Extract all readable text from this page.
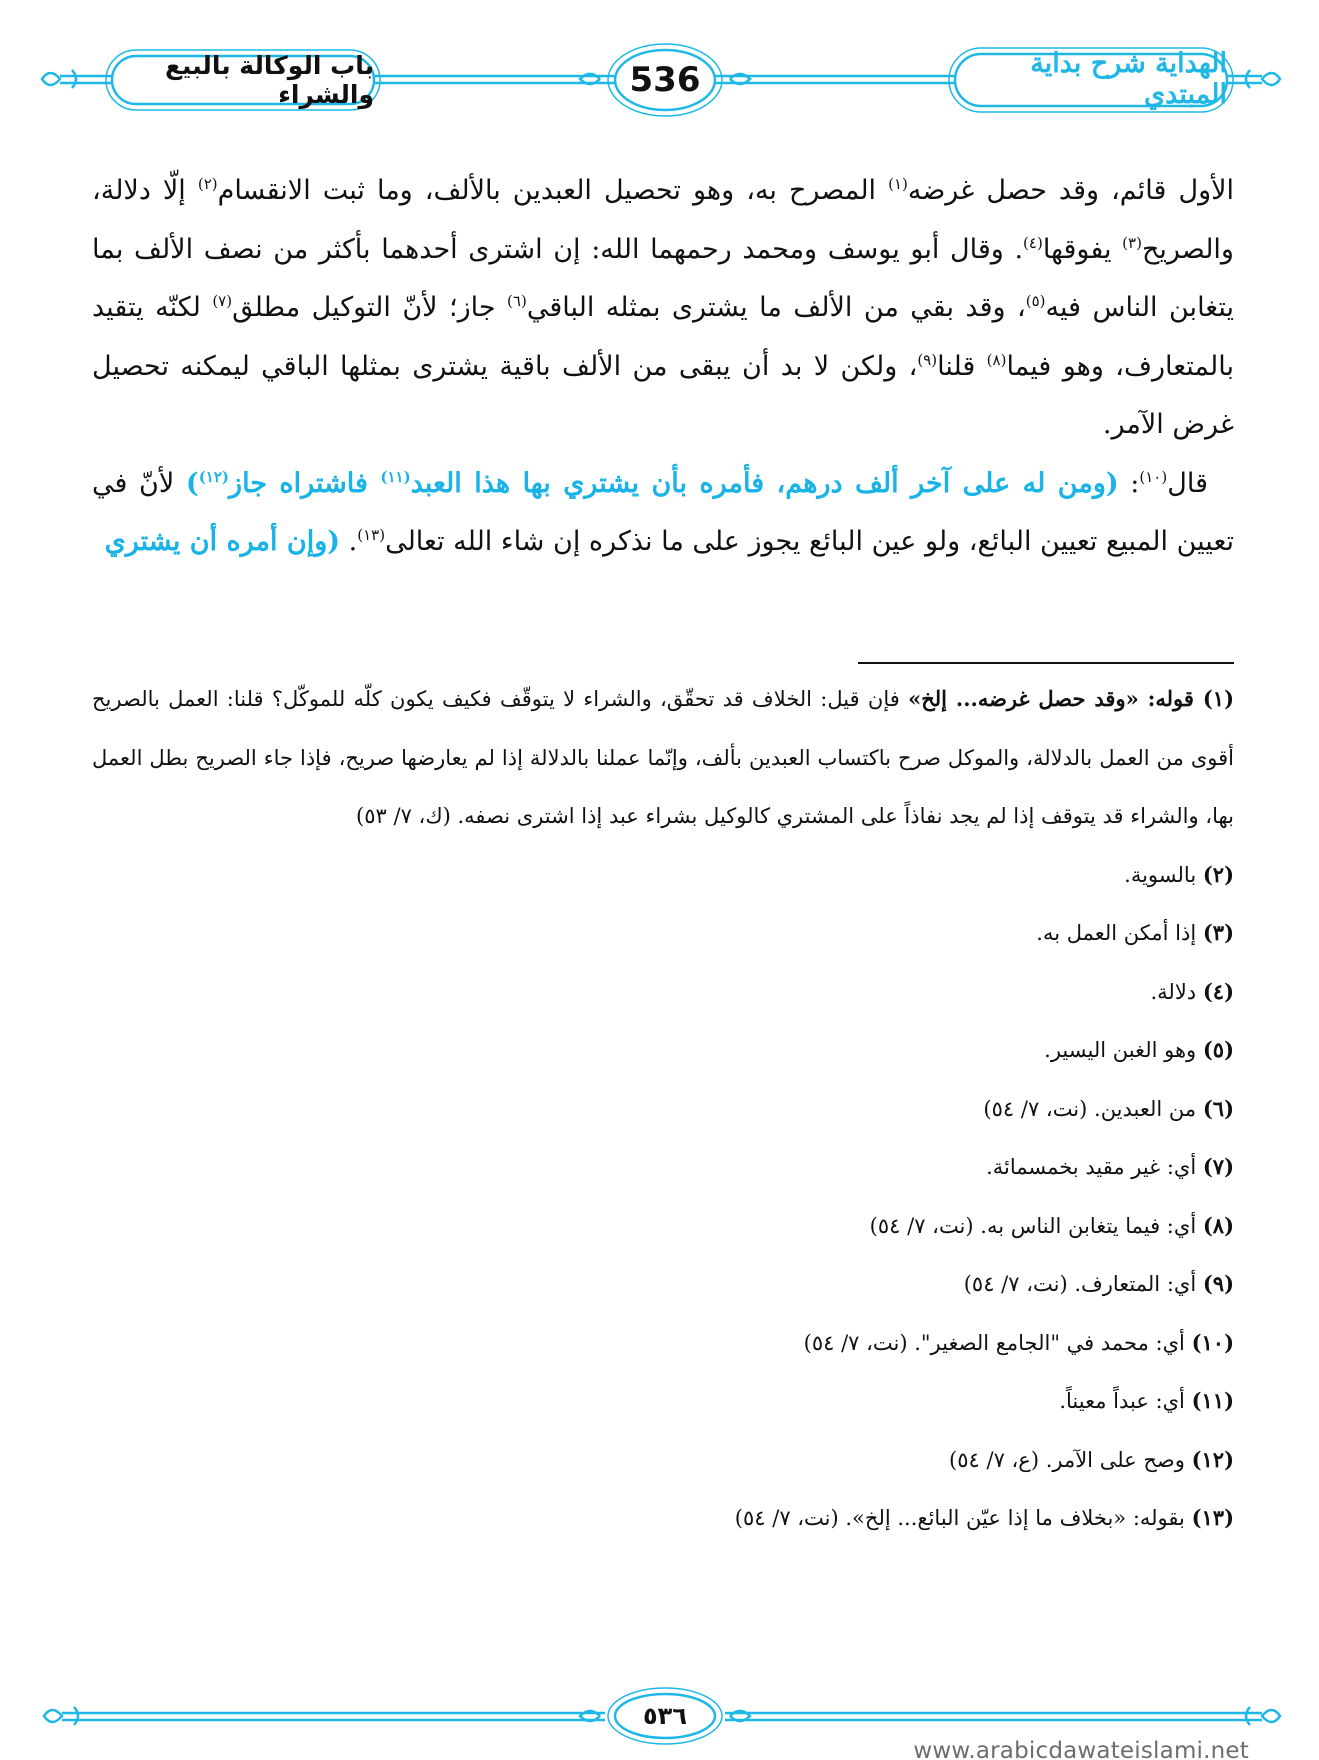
باب الوكالة بالبيع والشراء	536	الهداية شرح بداية المبتدي

الأول قائم، وقد حصل غرضه$^{(١)}$ المصرح به، وهو تحصيل العبدين بالألف، وما ثبت الانقسام$^{(٢)}$ إلّا دلالة، والصريح$^{(٣)}$ يفوقها$^{(٤)}$. وقال أبو يوسف ومحمد رحمهما الله: إن اشترى أحدهما بأكثر من نصف الألف بما يتغابن الناس فيه$^{(٥)}$، وقد بقي من الألف ما يشترى بمثله الباقي$^{(٦)}$ جاز؛ لأنّ التوكيل مطلق$^{(٧)}$ لكنّه يتقيد بالمتعارف، وهو فيما$^{(٨)}$ قلنا$^{(٩)}$، ولكن لا بد أن يبقى من الألف باقية يشترى بمثلها الباقي ليمكنه تحصيل غرض الآمر.

قال$^{(١٠)}$: (ومن له على آخر ألف درهم، فأمره بأن يشتري بها هذا العبد$^{(١١)}$ فاشتراه جاز$^{(١٢)}$) لأنّ في تعيين المبيع تعيين البائع، ولو عين البائع يجوز على ما نذكره إن شاء الله تعالى$^{(١٣)}$. (وإن أمره أن يشتري

(١) قوله: «وقد حصل غرضه... إلخ» فإن قيل: الخلاف قد تحقّق، والشراء لا يتوقّف فكيف يكون كلّه للموكّل؟ قلنا: العمل بالصريح أقوى من العمل بالدلالة، والموكل صرح باكتساب العبدين بألف، وإنّما عملنا بالدلالة إذا لم يعارضها صريح، فإذا جاء الصريح بطل العمل بها، والشراء قد يتوقف إذا لم يجد نفاذاً على المشتري كالوكيل بشراء عبد إذا اشترى نصفه. (ك، ٧/ ٥٣)
(٢) بالسوية.
(٣) إذا أمكن العمل به.
(٤) دلالة.
(٥) وهو الغبن اليسير.
(٦) من العبدين. (نت، ٧/ ٥٤)
(٧) أي: غير مقيد بخمسمائة.
(٨) أي: فيما يتغابن الناس به. (نت، ٧/ ٥٤)
(٩) أي: المتعارف. (نت، ٧/ ٥٤)
(١٠) أي: محمد في "الجامع الصغير". (نت، ٧/ ٥٤)
(١١) أي: عبداً معيناً.
(١٢) وصح على الآمر. (ع، ٧/ ٥٤)
(١٣) بقوله: «بخلاف ما إذا عيّن البائع... إلخ». (نت، ٧/ ٥٤)
٥٣٦
www.arabicdawateislami.net
